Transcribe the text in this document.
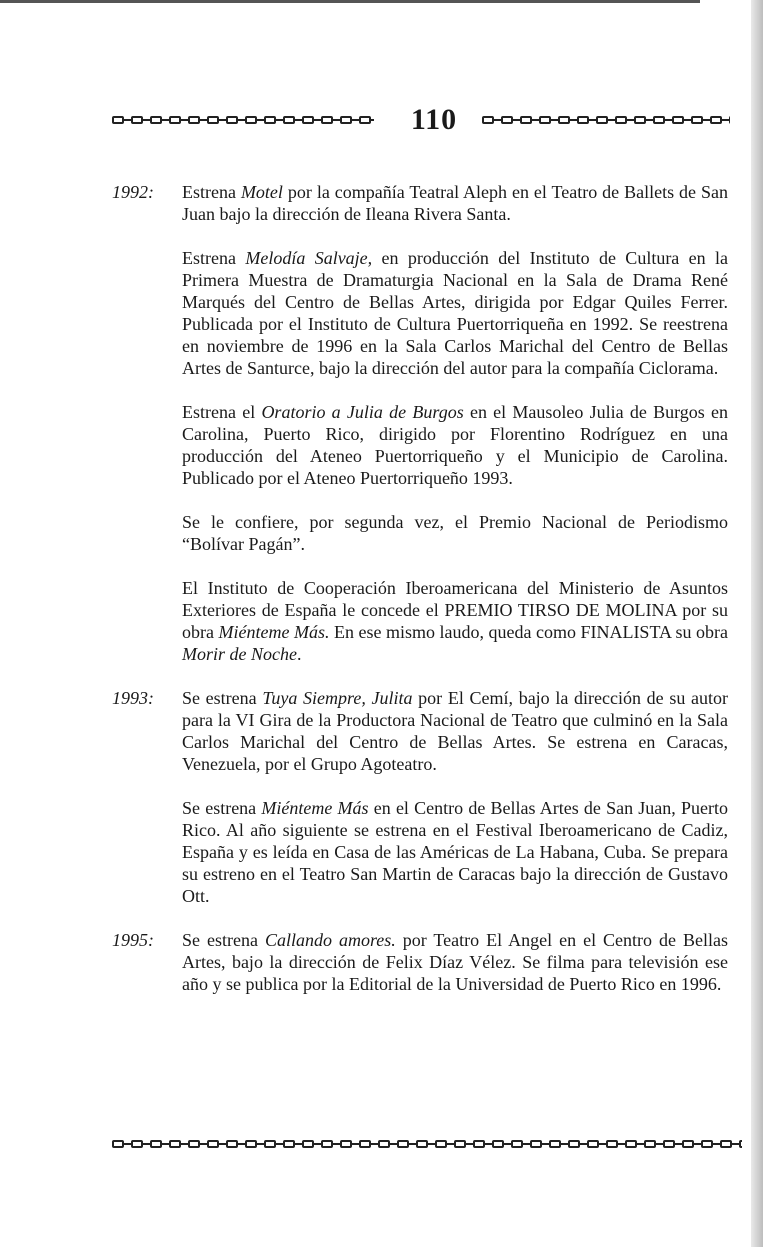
110
1992: Estrena Motel por la compañía Teatral Aleph en el Teatro de Ballets de San Juan bajo la dirección de Ileana Rivera Santa.

Estrena Melodía Salvaje, en producción del Instituto de Cultura en la Primera Muestra de Dramaturgia Nacional en la Sala de Drama René Marqués del Centro de Bellas Artes, dirigida por Edgar Quiles Ferrer. Publicada por el Instituto de Cultura Puertorriqueña en 1992. Se reestrena en noviembre de 1996 en la Sala Carlos Marichal del Centro de Bellas Artes de Santurce, bajo la dirección del autor para la compañía Ciclorama.

Estrena el Oratorio a Julia de Burgos en el Mausoleo Julia de Burgos en Carolina, Puerto Rico, dirigido por Florentino Rodríguez en una producción del Ateneo Puertorriqueño y el Municipio de Carolina. Publicado por el Ateneo Puertorriqueño 1993.

Se le confiere, por segunda vez, el Premio Nacional de Periodismo “Bolívar Pagán”.

El Instituto de Cooperación Iberoamericana del Ministerio de Asuntos Exteriores de España le concede el PREMIO TIRSO DE MOLINA por su obra Miénteme Más. En ese mismo laudo, queda como FINALISTA su obra Morir de Noche.

1993: Se estrena Tuya Siempre, Julita por El Cemí, bajo la dirección de su autor para la VI Gira de la Productora Nacional de Teatro que culminó en la Sala Carlos Marichal del Centro de Bellas Artes. Se estrena en Caracas, Venezuela, por el Grupo Agoteatro.

Se estrena Miénteme Más en el Centro de Bellas Artes de San Juan, Puerto Rico. Al año siguiente se estrena en el Festival Iberoamericano de Cadiz, España y es leída en Casa de las Américas de La Habana, Cuba. Se prepara su estreno en el Teatro San Martin de Caracas bajo la dirección de Gustavo Ott.

1995: Se estrena Callando amores. por Teatro El Angel en el Centro de Bellas Artes, bajo la dirección de Felix Díaz Vélez. Se filma para televisión ese año y se publica por la Editorial de la Universidad de Puerto Rico en 1996.
